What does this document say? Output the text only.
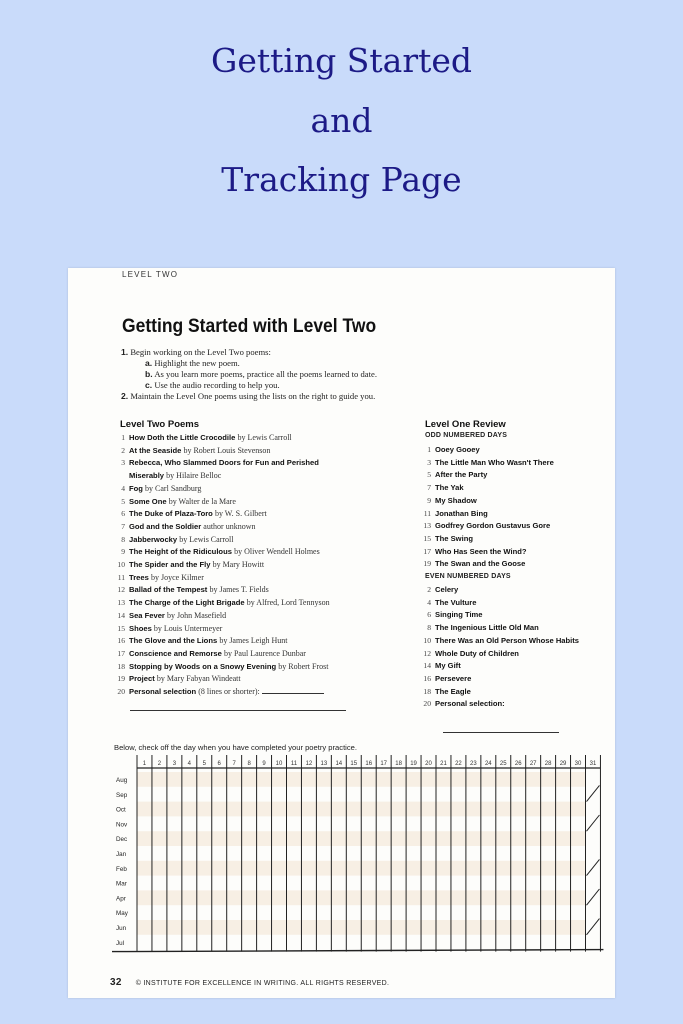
Getting Started
and
Tracking Page
LEVEL TWO
Getting Started with Level Two
1. Begin working on the Level Two poems:
a. Highlight the new poem.
b. As you learn more poems, practice all the poems learned to date.
c. Use the audio recording to help you.
2. Maintain the Level One poems using the lists on the right to guide you.
Level Two Poems
1 How Doth the Little Crocodile by Lewis Carroll
2 At the Seaside by Robert Louis Stevenson
3 Rebecca, Who Slammed Doors for Fun and Perished
Miserably by Hilaire Belloc
4 Fog by Carl Sandburg
5 Some One by Walter de la Mare
6 The Duke of Plaza-Toro by W. S. Gilbert
7 God and the Soldier author unknown
8 Jabberwocky by Lewis Carroll
9 The Height of the Ridiculous by Oliver Wendell Holmes
10 The Spider and the Fly by Mary Howitt
11 Trees by Joyce Kilmer
12 Ballad of the Tempest by James T. Fields
13 The Charge of the Light Brigade by Alfred, Lord Tennyson
14 Sea Fever by John Masefield
15 Shoes by Louis Untermeyer
16 The Glove and the Lions by James Leigh Hunt
17 Conscience and Remorse by Paul Laurence Dunbar
18 Stopping by Woods on a Snowy Evening by Robert Frost
19 Project by Mary Fabyan Windeatt
20 Personal selection (8 lines or shorter):
Level One Review
ODD NUMBERED DAYS
1 Ooey Gooey
3 The Little Man Who Wasn't There
5 After the Party
7 The Yak
9 My Shadow
11 Jonathan Bing
13 Godfrey Gordon Gustavus Gore
15 The Swing
17 Who Has Seen the Wind?
19 The Swan and the Goose
EVEN NUMBERED DAYS
2 Celery
4 The Vulture
6 Singing Time
8 The Ingenious Little Old Man
10 There Was an Old Person Whose Habits
12 Whole Duty of Children
14 My Gift
16 Persevere
18 The Eagle
20 Personal selection:
Below, check off the day when you have completed your poetry practice.
1 2 3 4 5 6 7 8 9 10 11 12 13 14 15 16 17 18 19 20 21 22 23 24 25 26 27 28 29 30 31
Aug
Sep
Oct
Nov
Dec
Jan
Feb
Mar
Apr
May
Jun
Jul
32 © INSTITUTE FOR EXCELLENCE IN WRITING. ALL RIGHTS RESERVED.
